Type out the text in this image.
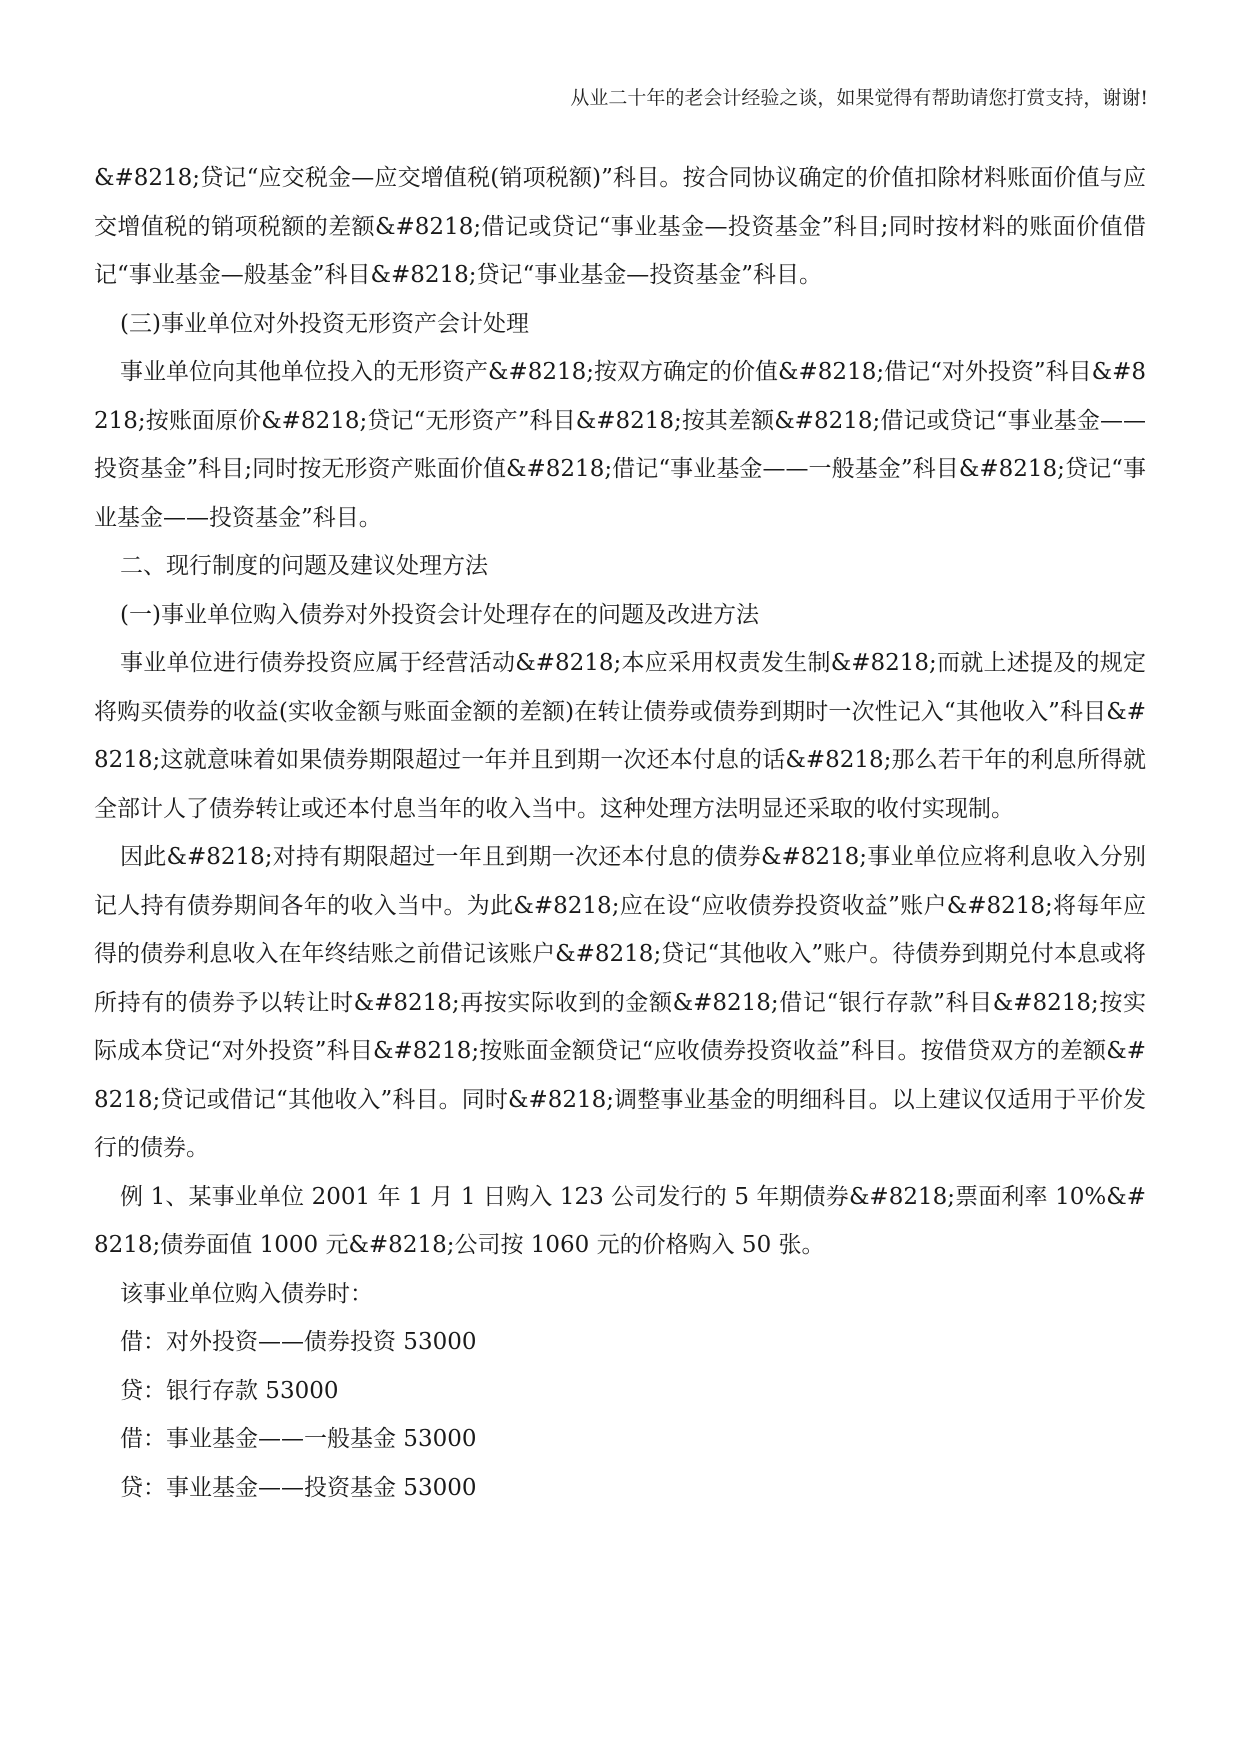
从业二十年的老会计经验之谈，如果觉得有帮助请您打赏支持，谢谢!

&#8218;贷记“应交税金—应交增值税(销项税额)”科目。按合同协议确定的价值扣除材料账面价值与应交增值税的销项税额的差额&#8218;借记或贷记“事业基金—投资基金”科目;同时按材料的账面价值借记“事业基金—般基金”科目&#8218;贷记“事业基金—投资基金”科目。

(三)事业单位对外投资无形资产会计处理

事业单位向其他单位投入的无形资产&#8218;按双方确定的价值&#8218;借记“对外投资”科目&#8218;按账面原价&#8218;贷记“无形资产”科目&#8218;按其差额&#8218;借记或贷记“事业基金——投资基金”科目;同时按无形资产账面价值&#8218;借记“事业基金——一般基金”科目&#8218;贷记“事业基金——投资基金”科目。

二、现行制度的问题及建议处理方法

(一)事业单位购入债券对外投资会计处理存在的问题及改进方法

事业单位进行债券投资应属于经营活动&#8218;本应采用权责发生制&#8218;而就上述提及的规定将购买债券的收益(实收金额与账面金额的差额)在转让债券或债券到期时一次性记入“其他收入”科目&#8218;这就意味着如果债券期限超过一年并且到期一次还本付息的话&#8218;那么若干年的利息所得就全部计人了债券转让或还本付息当年的收入当中。这种处理方法明显还采取的收付实现制。

因此&#8218;对持有期限超过一年且到期一次还本付息的债券&#8218;事业单位应将利息收入分别记人持有债券期间各年的收入当中。为此&#8218;应在设“应收债券投资收益”账户&#8218;将每年应得的债券利息收入在年终结账之前借记该账户&#8218;贷记“其他收入”账户。待债券到期兑付本息或将所持有的债券予以转让时&#8218;再按实际收到的金额&#8218;借记“银行存款”科目&#8218;按实际成本贷记“对外投资”科目&#8218;按账面金额贷记“应收债券投资收益”科目。按借贷双方的差额&#8218;贷记或借记“其他收入”科目。同时&#8218;调整事业基金的明细科目。以上建议仅适用于平价发行的债券。

例 1、某事业单位 2001 年 1 月 1 日购入 123 公司发行的 5 年期债券&#8218;票面利率 10%&#8218;债券面值 1000 元&#8218;公司按 1060 元的价格购入 50 张。

该事业单位购入债券时：

借：对外投资——债券投资 53000

贷：银行存款 53000

借：事业基金——一般基金 53000

贷：事业基金——投资基金 53000
